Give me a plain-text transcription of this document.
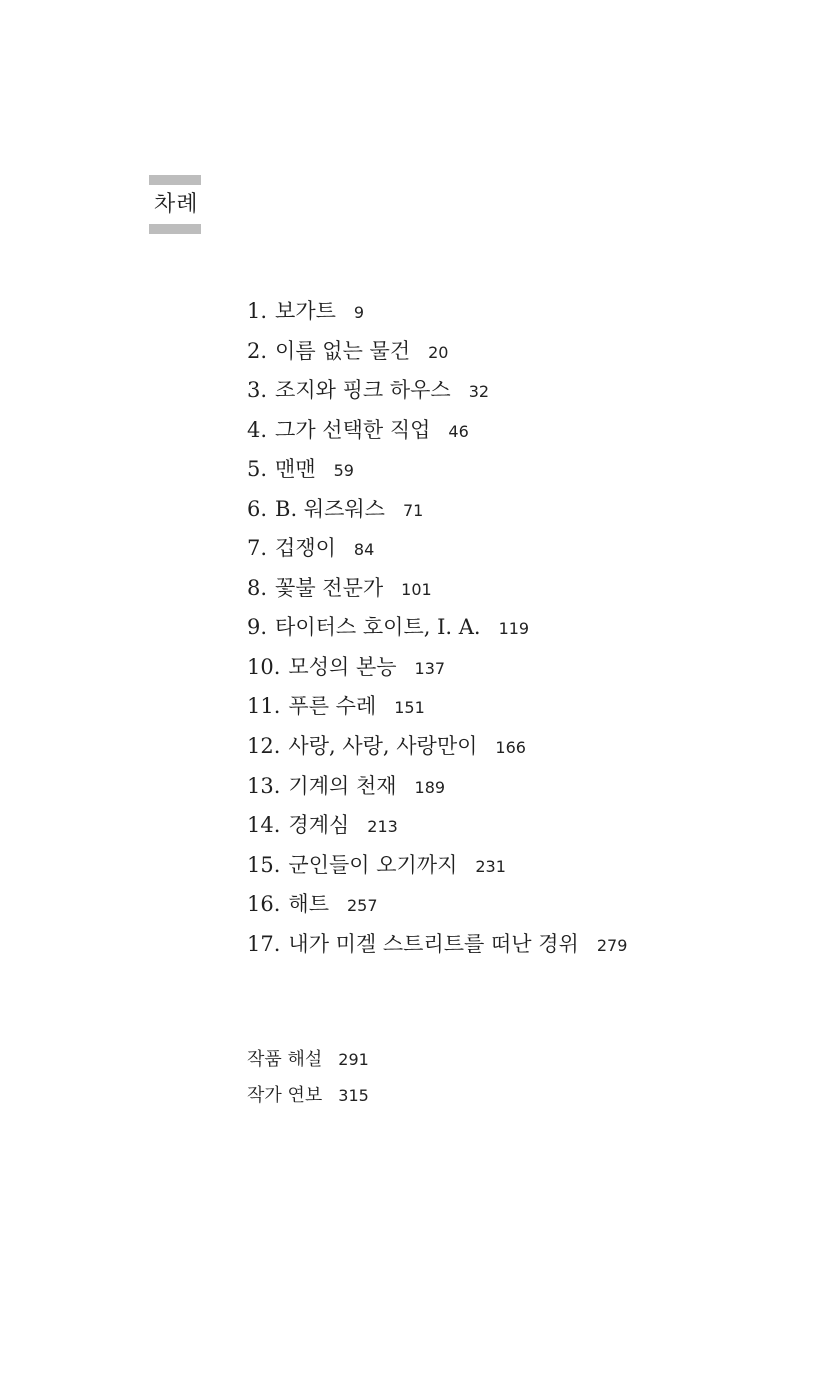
차례
1. 보가트 9
2. 이름 없는 물건 20
3. 조지와 핑크 하우스 32
4. 그가 선택한 직업 46
5. 맨맨 59
6. B. 워즈워스 71
7. 겁쟁이 84
8. 꽃불 전문가 101
9. 타이터스 호이트, I. A. 119
10. 모성의 본능 137
11. 푸른 수레 151
12. 사랑, 사랑, 사랑만이 166
13. 기계의 천재 189
14. 경계심 213
15. 군인들이 오기까지 231
16. 해트 257
17. 내가 미겔 스트리트를 떠난 경위 279
작품 해설 291
작가 연보 315
